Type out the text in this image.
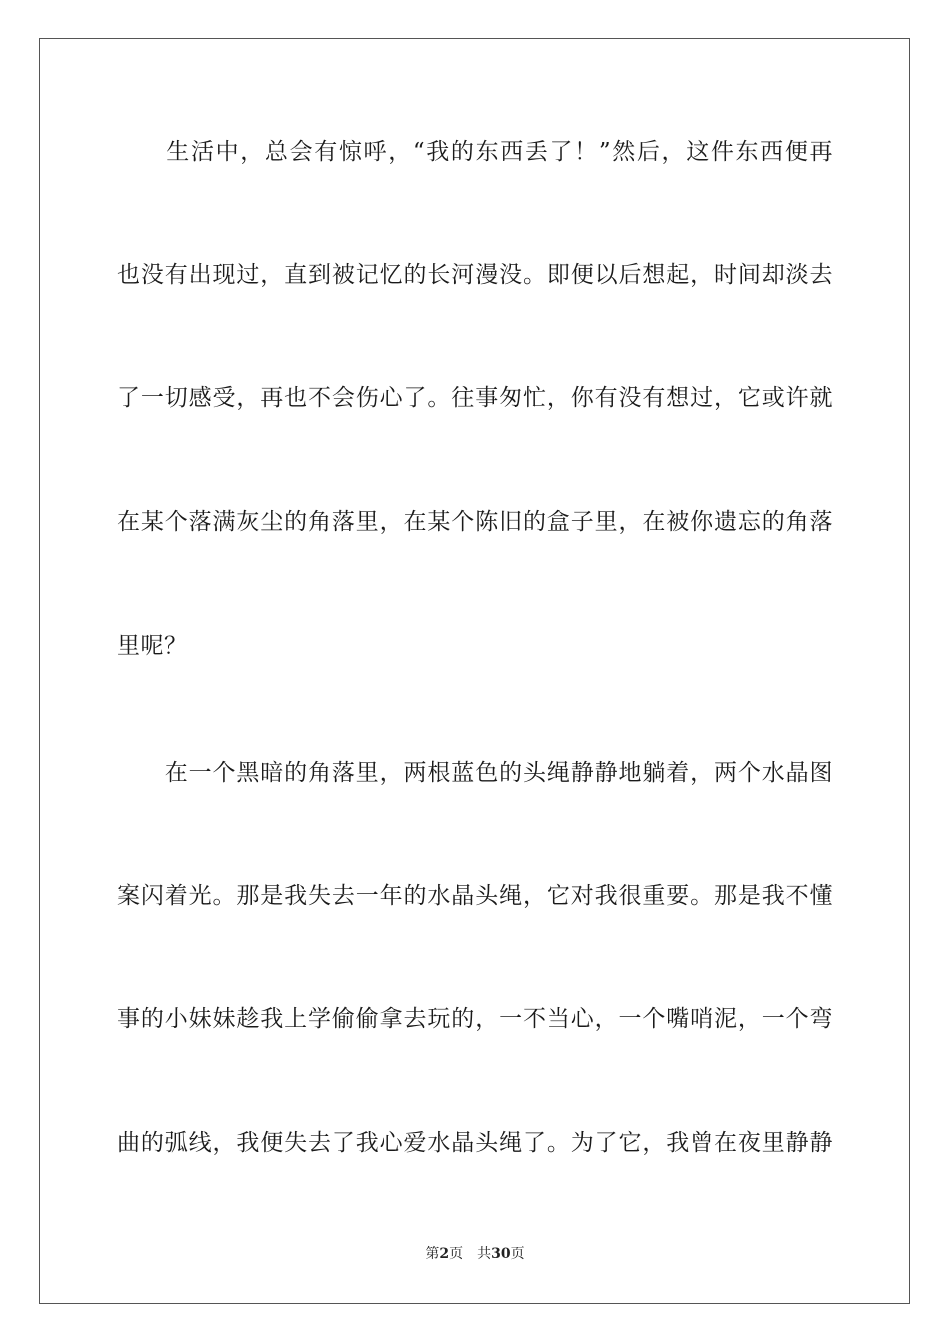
　　生活中，总会有惊呼，“我的东西丢了！”然后，这件东西便再
也没有出现过，直到被记忆的长河漫没。即便以后想起，时间却淡去
了一切感受，再也不会伤心了。往事匆忙，你有没有想过，它或许就
在某个落满灰尘的角落里，在某个陈旧的盒子里，在被你遗忘的角落
里呢？
　　在一个黑暗的角落里，两根蓝色的头绳静静地躺着，两个水晶图
案闪着光。那是我失去一年的水晶头绳，它对我很重要。那是我不懂
事的小妹妹趁我上学偷偷拿去玩的，一不当心，一个嘴哨泥，一个弯
曲的弧线，我便失去了我心爱水晶头绳了。为了它，我曾在夜里静静
第2页 共30页
